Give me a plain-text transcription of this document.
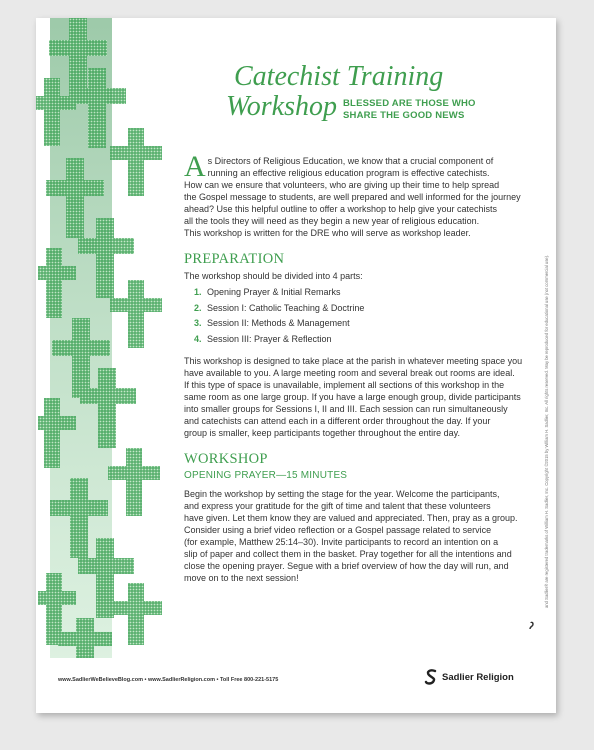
Catechist Training
Workshop BLESSED ARE THOSE WHO
SHARE THE GOOD NEWS

A s Directors of Religious Education, we know that a crucial component of
running an effective religious education program is effective catechists.
How can we ensure that volunteers, who are giving up their time to help spread
the Gospel message to students, are well prepared and well informed for the journey
ahead? Use this helpful outline to offer a workshop to help give your catechists
all the tools they will need as they begin a new year of religious education.
This workshop is written for the DRE who will serve as workshop leader.

PREPARATION

The workshop should be divided into 4 parts:

1. Opening Prayer & Initial Remarks
2. Session I: Catholic Teaching & Doctrine
3. Session II: Methods & Management
4. Session III: Prayer & Reflection

This workshop is designed to take place at the parish in whatever meeting space you
have available to you. A large meeting room and several break out rooms are ideal.
If this type of space is unavailable, implement all sections of this workshop in the
same room as one large group. If you have a large enough group, divide participants
into smaller groups for Sessions I, II and III. Each session can run simultaneously
and catechists can attend each in a different order throughout the day. If your
group is smaller, keep participants together throughout the entire day.

WORKSHOP
OPENING PRAYER—15 MINUTES

Begin the workshop by setting the stage for the year. Welcome the participants,
and express your gratitude for the gift of time and talent that these volunteers
have given. Let them know they are valued and appreciated. Then, pray as a group.
Consider using a brief video reflection or a Gospel passage related to service
(for example, Matthew 25:14–30). Invite participants to record an intention on a
slip of paper and collect them in the basket. Pray together for all the intentions and
close the opening prayer. Segue with a brief overview of how the day will run, and
move on to the next session!	and Sadlier® are registered trademarks of William H. Sadlier, Inc. Copyright ©2015 by William H. Sadlier, Inc. All rights reserved. May be reproduced for educational use (not commercial use).
www.SadlierWeBelieveBlog.com • www.SadlierReligion.com • Toll Free 800-221-5175	Sadlier Religion
